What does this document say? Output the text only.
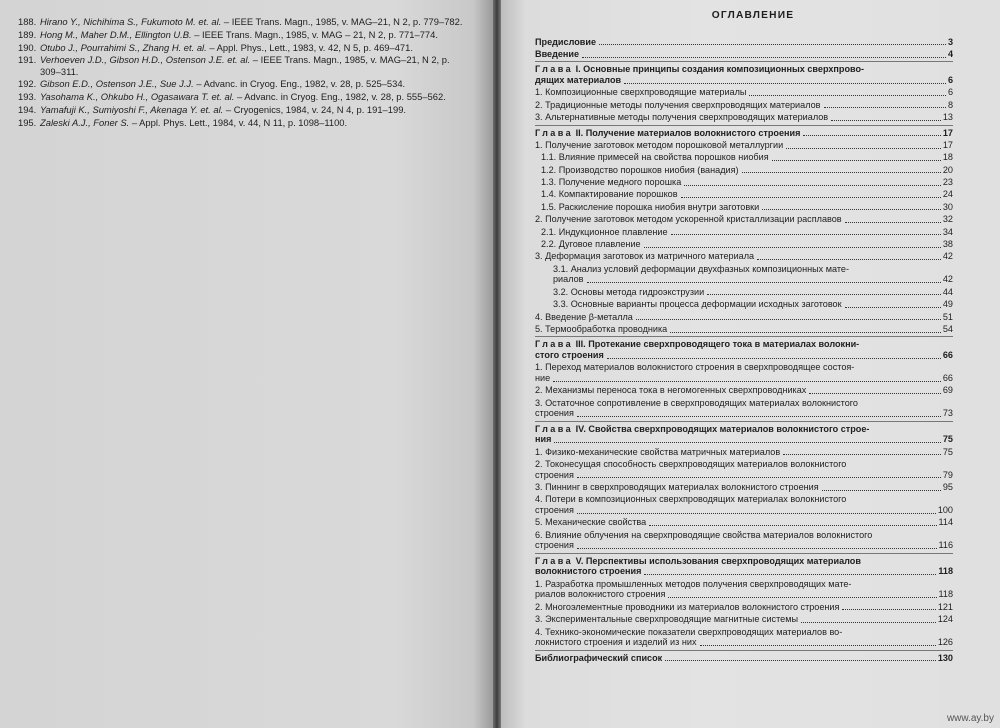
188. Hirano Y., Nichihima S., Fukumoto M. et. al. – IEEE Trans. Magn., 1985, v. MAG–21, N 2, p. 779–782.
189. Hong M., Maher D.M., Ellington U.B. – IEEE Trans. Magn., 1985, v. MAG – 21, N 2, p. 771–774.
190. Otubo J., Pourrahimi S., Zhang H. et. al. – Appl. Phys., Lett., 1983, v. 42, N 5, p. 469–471.
191. Verhoeven J.D., Gibson H.D., Ostenson J.E. et. al. – IEEE Trans. Magn., 1985, v. MAG–21, N 2, p. 309–311.
192. Gibson E.D., Ostenson J.E., Sue J.J. – Advanc. in Cryog. Eng., 1982, v. 28, p. 525–534.
193. Yasohama K., Ohkubo H., Ogasawara T. et. al. – Advanc. in Cryog. Eng., 1982, v. 28, p. 555–562.
194. Yamafuji K., Sumiyoshi F., Akenaga Y. et. al. – Cryogenics, 1984, v. 24, N 4, p. 191–199.
195. Zaleski A.J., Foner S. – Appl. Phys. Lett., 1984, v. 44, N 11, p. 1098–1100.
www.ay.by
ОГЛАВЛЕНИЕ
Предисловие	3
Введение	4
Глава I. Основные принципы создания композиционных сверхпрово-
дящих материалов	6
1. Композиционные сверхпроводящие материалы	6
2. Традиционные методы получения сверхпроводящих материалов	8
3. Альтернативные методы получения сверхпроводящих материалов	13
Глава II. Получение материалов волокнистого строения	17
1. Получение заготовок методом порошковой металлургии	17
1.1. Влияние примесей на свойства порошков ниобия	18
1.2. Производство порошков ниобия (ванадия)	20
1.3. Получение медного порошка	23
1.4. Компактирование порошков	24
1.5. Раскисление порошка ниобия внутри заготовки	30
2. Получение заготовок методом ускоренной кристаллизации расплавов	32
2.1. Индукционное плавление	34
2.2. Дуговое плавление	38
3. Деформация заготовок из матричного материала	42
3.1. Анализ условий деформации двухфазных композиционных мате-
риалов	42
3.2. Основы метода гидроэкструзии	44
3.3. Основные варианты процесса деформации исходных заготовок	49
4. Введение β-металла	51
5. Термообработка проводника	54
Глава III. Протекание сверхпроводящего тока в материалах волокни-
стого строения	66
1. Переход материалов волокнистого строения в сверхпроводящее состоя-
ние	66
2. Механизмы переноса тока в негомогенных сверхпроводниках	69
3. Остаточное сопротивление в сверхпроводящих материалах волокнистого
строения	73
Глава IV. Свойства сверхпроводящих материалов волокнистого строе-
ния	75
1. Физико-механические свойства матричных материалов	75
2. Токонесущая способность сверхпроводящих материалов волокнистого
строения	79
3. Пиннинг в сверхпроводящих материалах волокнистого строения	95
4. Потери в композиционных сверхпроводящих материалах волокнистого
строения	100
5. Механические свойства	114
6. Влияние облучения на сверхпроводящие свойства материалов волокнистого
строения	116
Глава V. Перспективы использования сверхпроводящих материалов
волокнистого строения	118
1. Разработка промышленных методов получения сверхпроводящих мате-
риалов волокнистого строения	118
2. Многоэлементные проводники из материалов волокнистого строения	121
3. Экспериментальные сверхпроводящие магнитные системы	124
4. Технико-экономические показатели сверхпроводящих материалов во-
локнистого строения и изделий из них	126
Библиографический список	130
